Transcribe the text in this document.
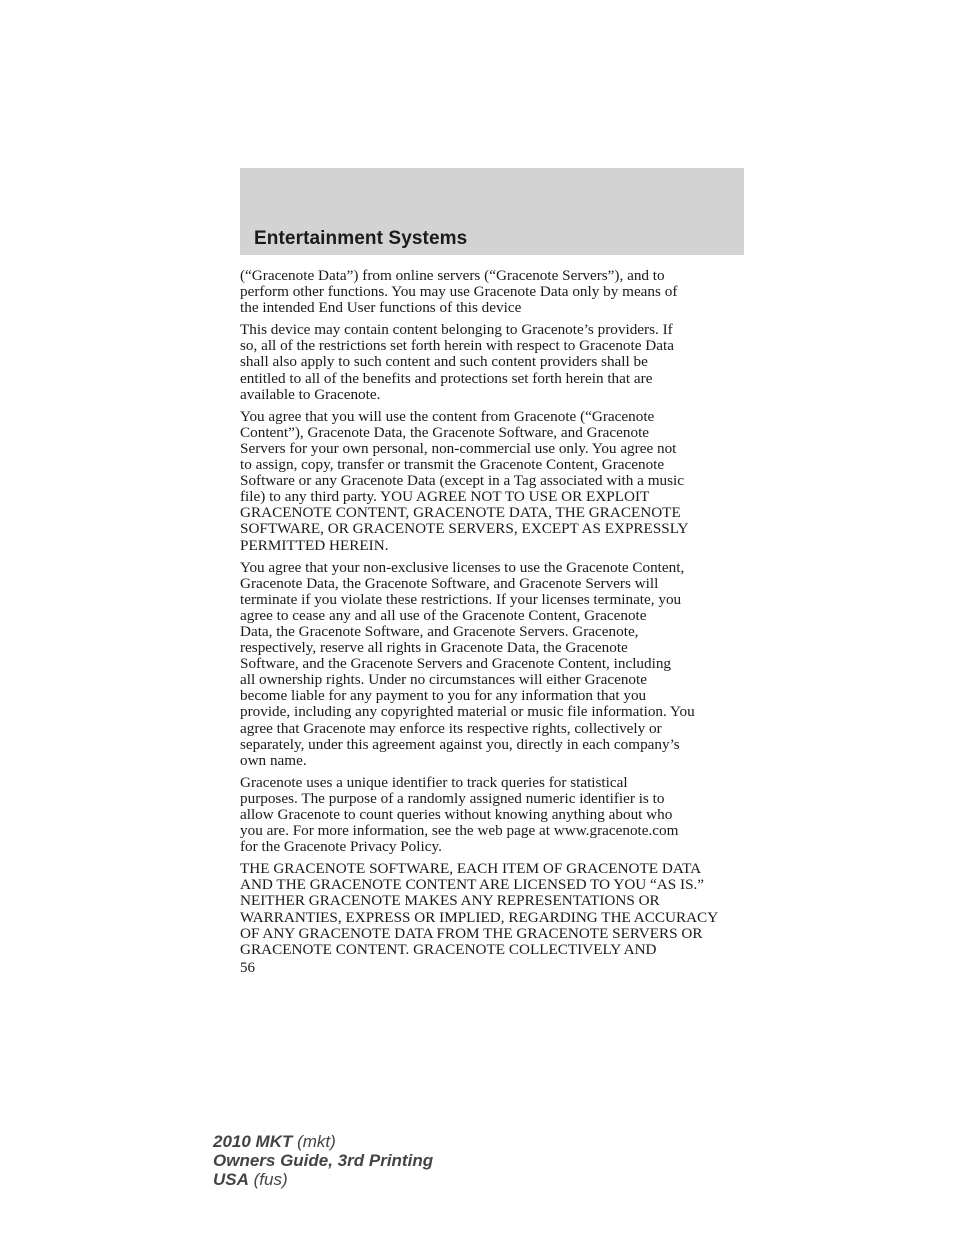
Entertainment Systems

(“Gracenote Data”) from online servers (“Gracenote Servers”), and to
perform other functions. You may use Gracenote Data only by means of
the intended End User functions of this device

This device may contain content belonging to Gracenote’s providers. If
so, all of the restrictions set forth herein with respect to Gracenote Data
shall also apply to such content and such content providers shall be
entitled to all of the benefits and protections set forth herein that are
available to Gracenote.

You agree that you will use the content from Gracenote (“Gracenote
Content”), Gracenote Data, the Gracenote Software, and Gracenote
Servers for your own personal, non-commercial use only. You agree not
to assign, copy, transfer or transmit the Gracenote Content, Gracenote
Software or any Gracenote Data (except in a Tag associated with a music
file) to any third party. YOU AGREE NOT TO USE OR EXPLOIT
GRACENOTE CONTENT, GRACENOTE DATA, THE GRACENOTE
SOFTWARE, OR GRACENOTE SERVERS, EXCEPT AS EXPRESSLY
PERMITTED HEREIN.

You agree that your non-exclusive licenses to use the Gracenote Content,
Gracenote Data, the Gracenote Software, and Gracenote Servers will
terminate if you violate these restrictions. If your licenses terminate, you
agree to cease any and all use of the Gracenote Content, Gracenote
Data, the Gracenote Software, and Gracenote Servers. Gracenote,
respectively, reserve all rights in Gracenote Data, the Gracenote
Software, and the Gracenote Servers and Gracenote Content, including
all ownership rights. Under no circumstances will either Gracenote
become liable for any payment to you for any information that you
provide, including any copyrighted material or music file information. You
agree that Gracenote may enforce its respective rights, collectively or
separately, under this agreement against you, directly in each company’s
own name.

Gracenote uses a unique identifier to track queries for statistical
purposes. The purpose of a randomly assigned numeric identifier is to
allow Gracenote to count queries without knowing anything about who
you are. For more information, see the web page at www.gracenote.com
for the Gracenote Privacy Policy.

THE GRACENOTE SOFTWARE, EACH ITEM OF GRACENOTE DATA
AND THE GRACENOTE CONTENT ARE LICENSED TO YOU “AS IS.”
NEITHER GRACENOTE MAKES ANY REPRESENTATIONS OR
WARRANTIES, EXPRESS OR IMPLIED, REGARDING THE ACCURACY
OF ANY GRACENOTE DATA FROM THE GRACENOTE SERVERS OR
GRACENOTE CONTENT. GRACENOTE COLLECTIVELY AND

56
2010 MKT (mkt)
Owners Guide, 3rd Printing
USA (fus)
